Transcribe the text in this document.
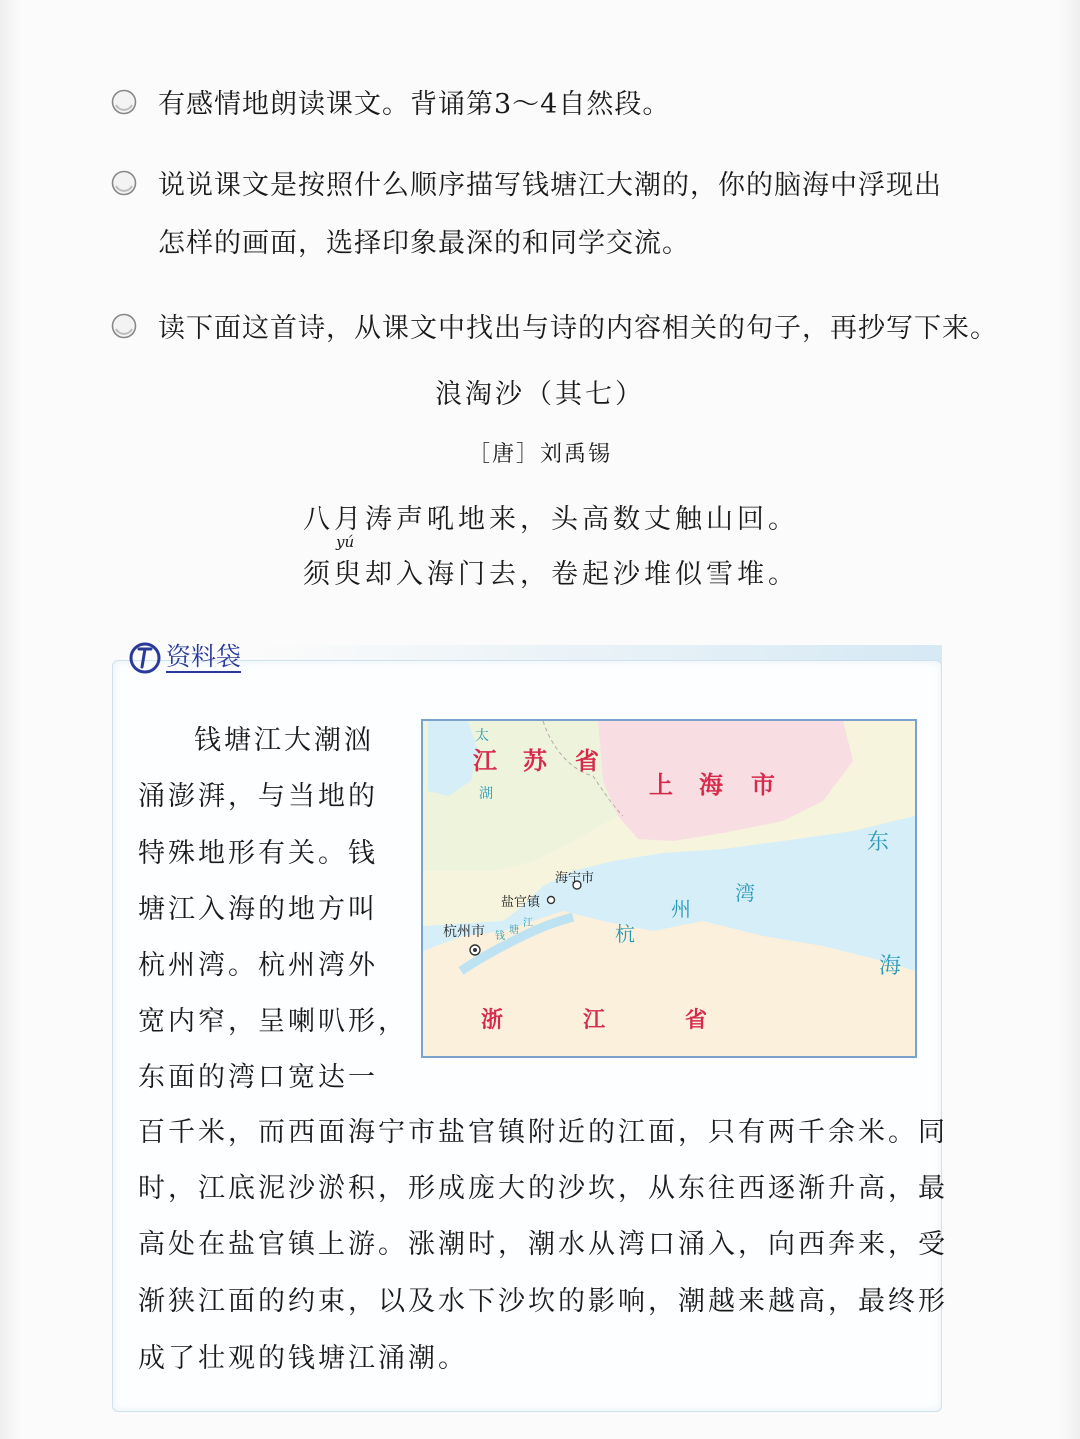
有感情地朗读课文。背诵第3～4自然段。
说说课文是按照什么顺序描写钱塘江大潮的，你的脑海中浮现出
怎样的画面，选择印象最深的和同学交流。
读下面这首诗，从课文中找出与诗的内容相关的句子，再抄写下来。
浪淘沙（其七）
［唐］刘禹锡
八月涛声吼地来，头高数丈触山回。
yú
须臾却入海门去，卷起沙堆似雪堆。
资料袋
钱塘江大潮汹
涌澎湃，与当地的
特殊地形有关。钱
塘江入海的地方叫
杭州湾。杭州湾外
宽内窄，呈喇叭形，
东面的湾口宽达一
百千米，而西面海宁市盐官镇附近的江面，只有两千余米。同
时，江底泥沙淤积，形成庞大的沙坎，从东往西逐渐升高，最
高处在盐官镇上游。涨潮时，潮水从湾口涌入，向西奔来，受
渐狭江面的约束，以及水下沙坎的影响，潮越来越高，最终形
成了壮观的钱塘江涌潮。
太
湖
江 苏 省
上 海 市
东
海
杭
州
湾
海宁市
盐官镇
杭州市 钱
塘
江
浙	江	省
